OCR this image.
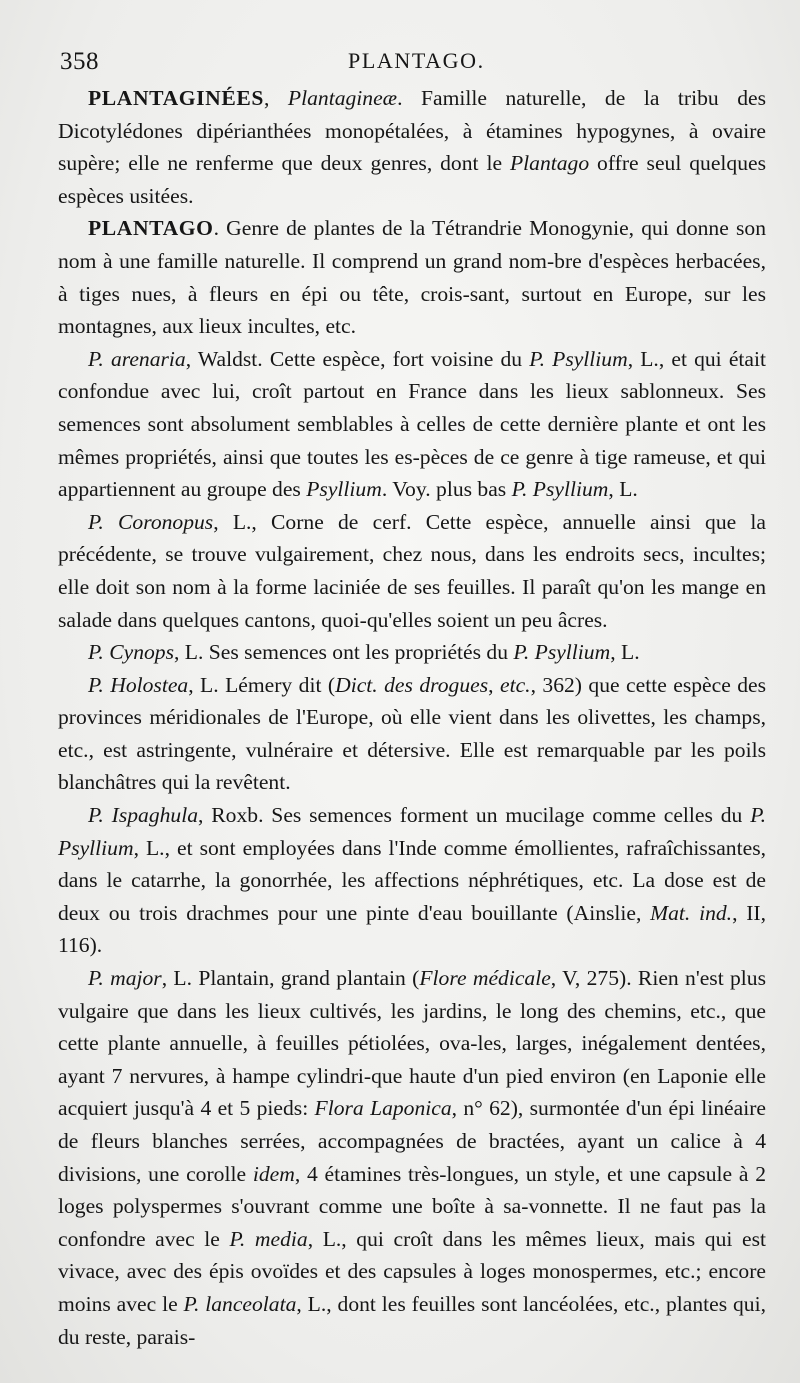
358	PLANTAGO.

PLANTAGINÉES, Plantagineæ. Famille naturelle, de la tribu des Dicotylédones dipérianthées monopétalées, à étamines hypogynes, à ovaire supère; elle ne renferme que deux genres, dont le Plantago offre seul quelques espèces usitées.

PLANTAGO. Genre de plantes de la Tétrandrie Monogynie, qui donne son nom à une famille naturelle. Il comprend un grand nom-bre d'espèces herbacées, à tiges nues, à fleurs en épi ou tête, crois-sant, surtout en Europe, sur les montagnes, aux lieux incultes, etc.

P. arenaria, Waldst. Cette espèce, fort voisine du P. Psyllium, L., et qui était confondue avec lui, croît partout en France dans les lieux sablonneux. Ses semences sont absolument semblables à celles de cette dernière plante et ont les mêmes propriétés, ainsi que toutes les es-pèces de ce genre à tige rameuse, et qui appartiennent au groupe des Psyllium. Voy. plus bas P. Psyllium, L.

P. Coronopus, L., Corne de cerf. Cette espèce, annuelle ainsi que la précédente, se trouve vulgairement, chez nous, dans les endroits secs, incultes; elle doit son nom à la forme laciniée de ses feuilles. Il paraît qu'on les mange en salade dans quelques cantons, quoi-qu'elles soient un peu âcres.

P. Cynops, L. Ses semences ont les propriétés du P. Psyllium, L.

P. Holostea, L. Lémery dit (Dict. des drogues, etc., 362) que cette espèce des provinces méridionales de l'Europe, où elle vient dans les olivettes, les champs, etc., est astringente, vulnéraire et détersive. Elle est remarquable par les poils blanchâtres qui la revêtent.

P. Ispaghula, Roxb. Ses semences forment un mucilage comme celles du P. Psyllium, L., et sont employées dans l'Inde comme émollientes, rafraîchissantes, dans le catarrhe, la gonorrhée, les affections néphrétiques, etc. La dose est de deux ou trois drachmes pour une pinte d'eau bouillante (Ainslie, Mat. ind., II, 116).

P. major, L. Plantain, grand plantain (Flore médicale, V, 275). Rien n'est plus vulgaire que dans les lieux cultivés, les jardins, le long des chemins, etc., que cette plante annuelle, à feuilles pétiolées, ova-les, larges, inégalement dentées, ayant 7 nervures, à hampe cylindri-que haute d'un pied environ (en Laponie elle acquiert jusqu'à 4 et 5 pieds: Flora Laponica, n° 62), surmontée d'un épi linéaire de fleurs blanches serrées, accompagnées de bractées, ayant un calice à 4 divisions, une corolle idem, 4 étamines très-longues, un style, et une capsule à 2 loges polyspermes s'ouvrant comme une boîte à sa-vonnette. Il ne faut pas la confondre avec le P. media, L., qui croît dans les mêmes lieux, mais qui est vivace, avec des épis ovoïdes et des capsules à loges monospermes, etc.; encore moins avec le P. lanceolata, L., dont les feuilles sont lancéolées, etc., plantes qui, du reste, parais-
